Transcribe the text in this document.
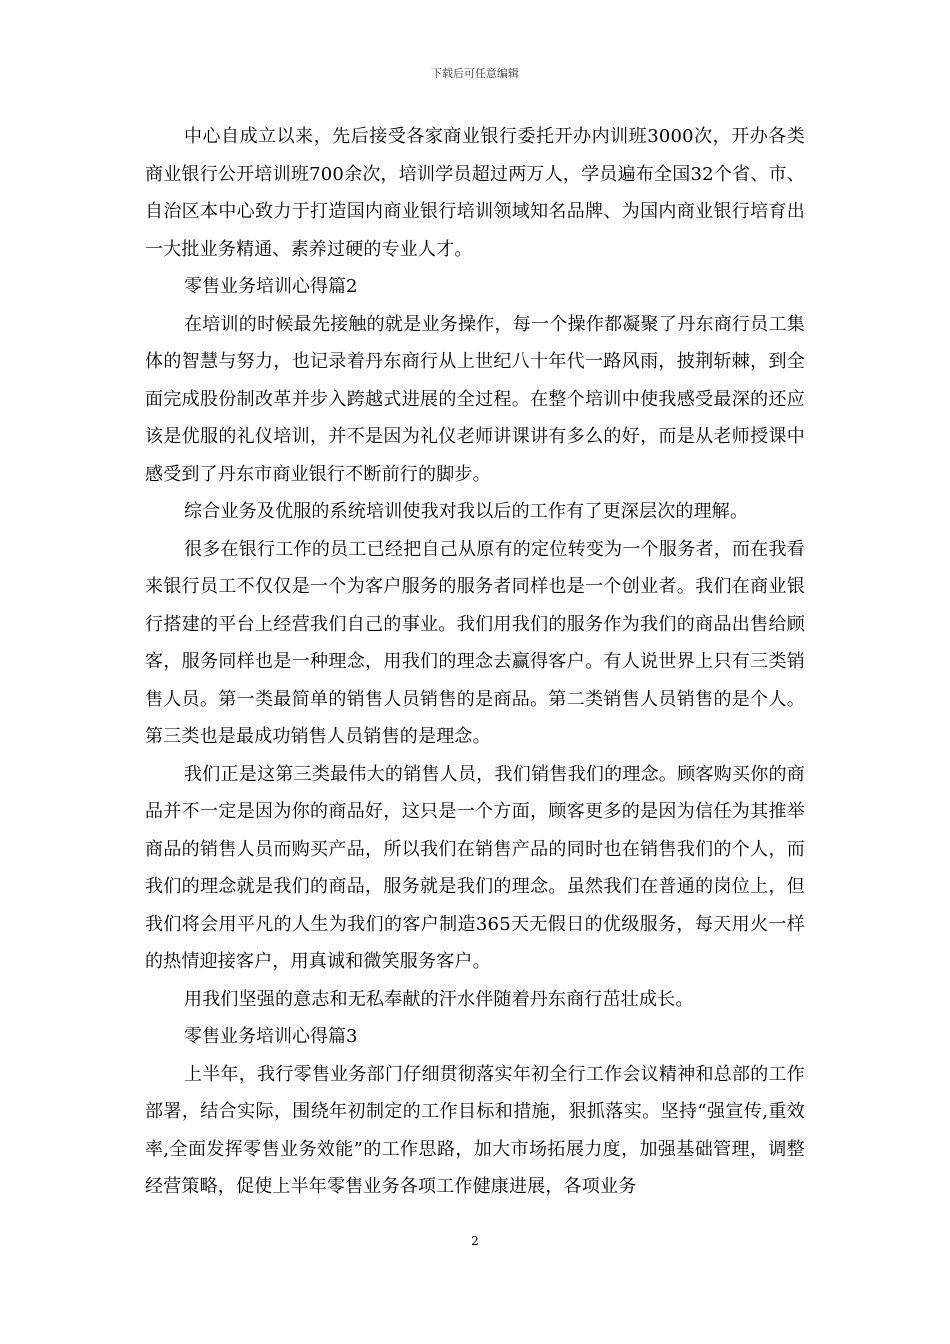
下载后可任意编辑

中心自成立以来，先后接受各家商业银行委托开办内训班3000次，开办各类商业银行公开培训班700余次，培训学员超过两万人，学员遍布全国32个省、市、自治区本中心致力于打造国内商业银行培训领域知名品牌、为国内商业银行培育出一大批业务精通、素养过硬的专业人才。

零售业务培训心得篇2

在培训的时候最先接触的就是业务操作，每一个操作都凝聚了丹东商行员工集体的智慧与努力，也记录着丹东商行从上世纪八十年代一路风雨，披荆斩棘，到全面完成股份制改革并步入跨越式进展的全过程。在整个培训中使我感受最深的还应该是优服的礼仪培训，并不是因为礼仪老师讲课讲有多么的好，而是从老师授课中感受到了丹东市商业银行不断前行的脚步。

综合业务及优服的系统培训使我对我以后的工作有了更深层次的理解。

很多在银行工作的员工已经把自己从原有的定位转变为一个服务者，而在我看来银行员工不仅仅是一个为客户服务的服务者同样也是一个创业者。我们在商业银行搭建的平台上经营我们自己的事业。我们用我们的服务作为我们的商品出售给顾客，服务同样也是一种理念，用我们的理念去赢得客户。有人说世界上只有三类销售人员。第一类最简单的销售人员销售的是商品。第二类销售人员销售的是个人。第三类也是最成功销售人员销售的是理念。

我们正是这第三类最伟大的销售人员，我们销售我们的理念。顾客购买你的商品并不一定是因为你的商品好，这只是一个方面，顾客更多的是因为信任为其推举商品的销售人员而购买产品，所以我们在销售产品的同时也在销售我们的个人，而我们的理念就是我们的商品，服务就是我们的理念。虽然我们在普通的岗位上，但我们将会用平凡的人生为我们的客户制造365天无假日的优级服务，每天用火一样的热情迎接客户，用真诚和微笑服务客户。

用我们坚强的意志和无私奉献的汗水伴随着丹东商行茁壮成长。

零售业务培训心得篇3

上半年，我行零售业务部门仔细贯彻落实年初全行工作会议精神和总部的工作部署，结合实际，围绕年初制定的工作目标和措施，狠抓落实。坚持“强宣传,重效率,全面发挥零售业务效能”的工作思路，加大市场拓展力度，加强基础管理，调整经营策略，促使上半年零售业务各项工作健康进展，各项业务

2
